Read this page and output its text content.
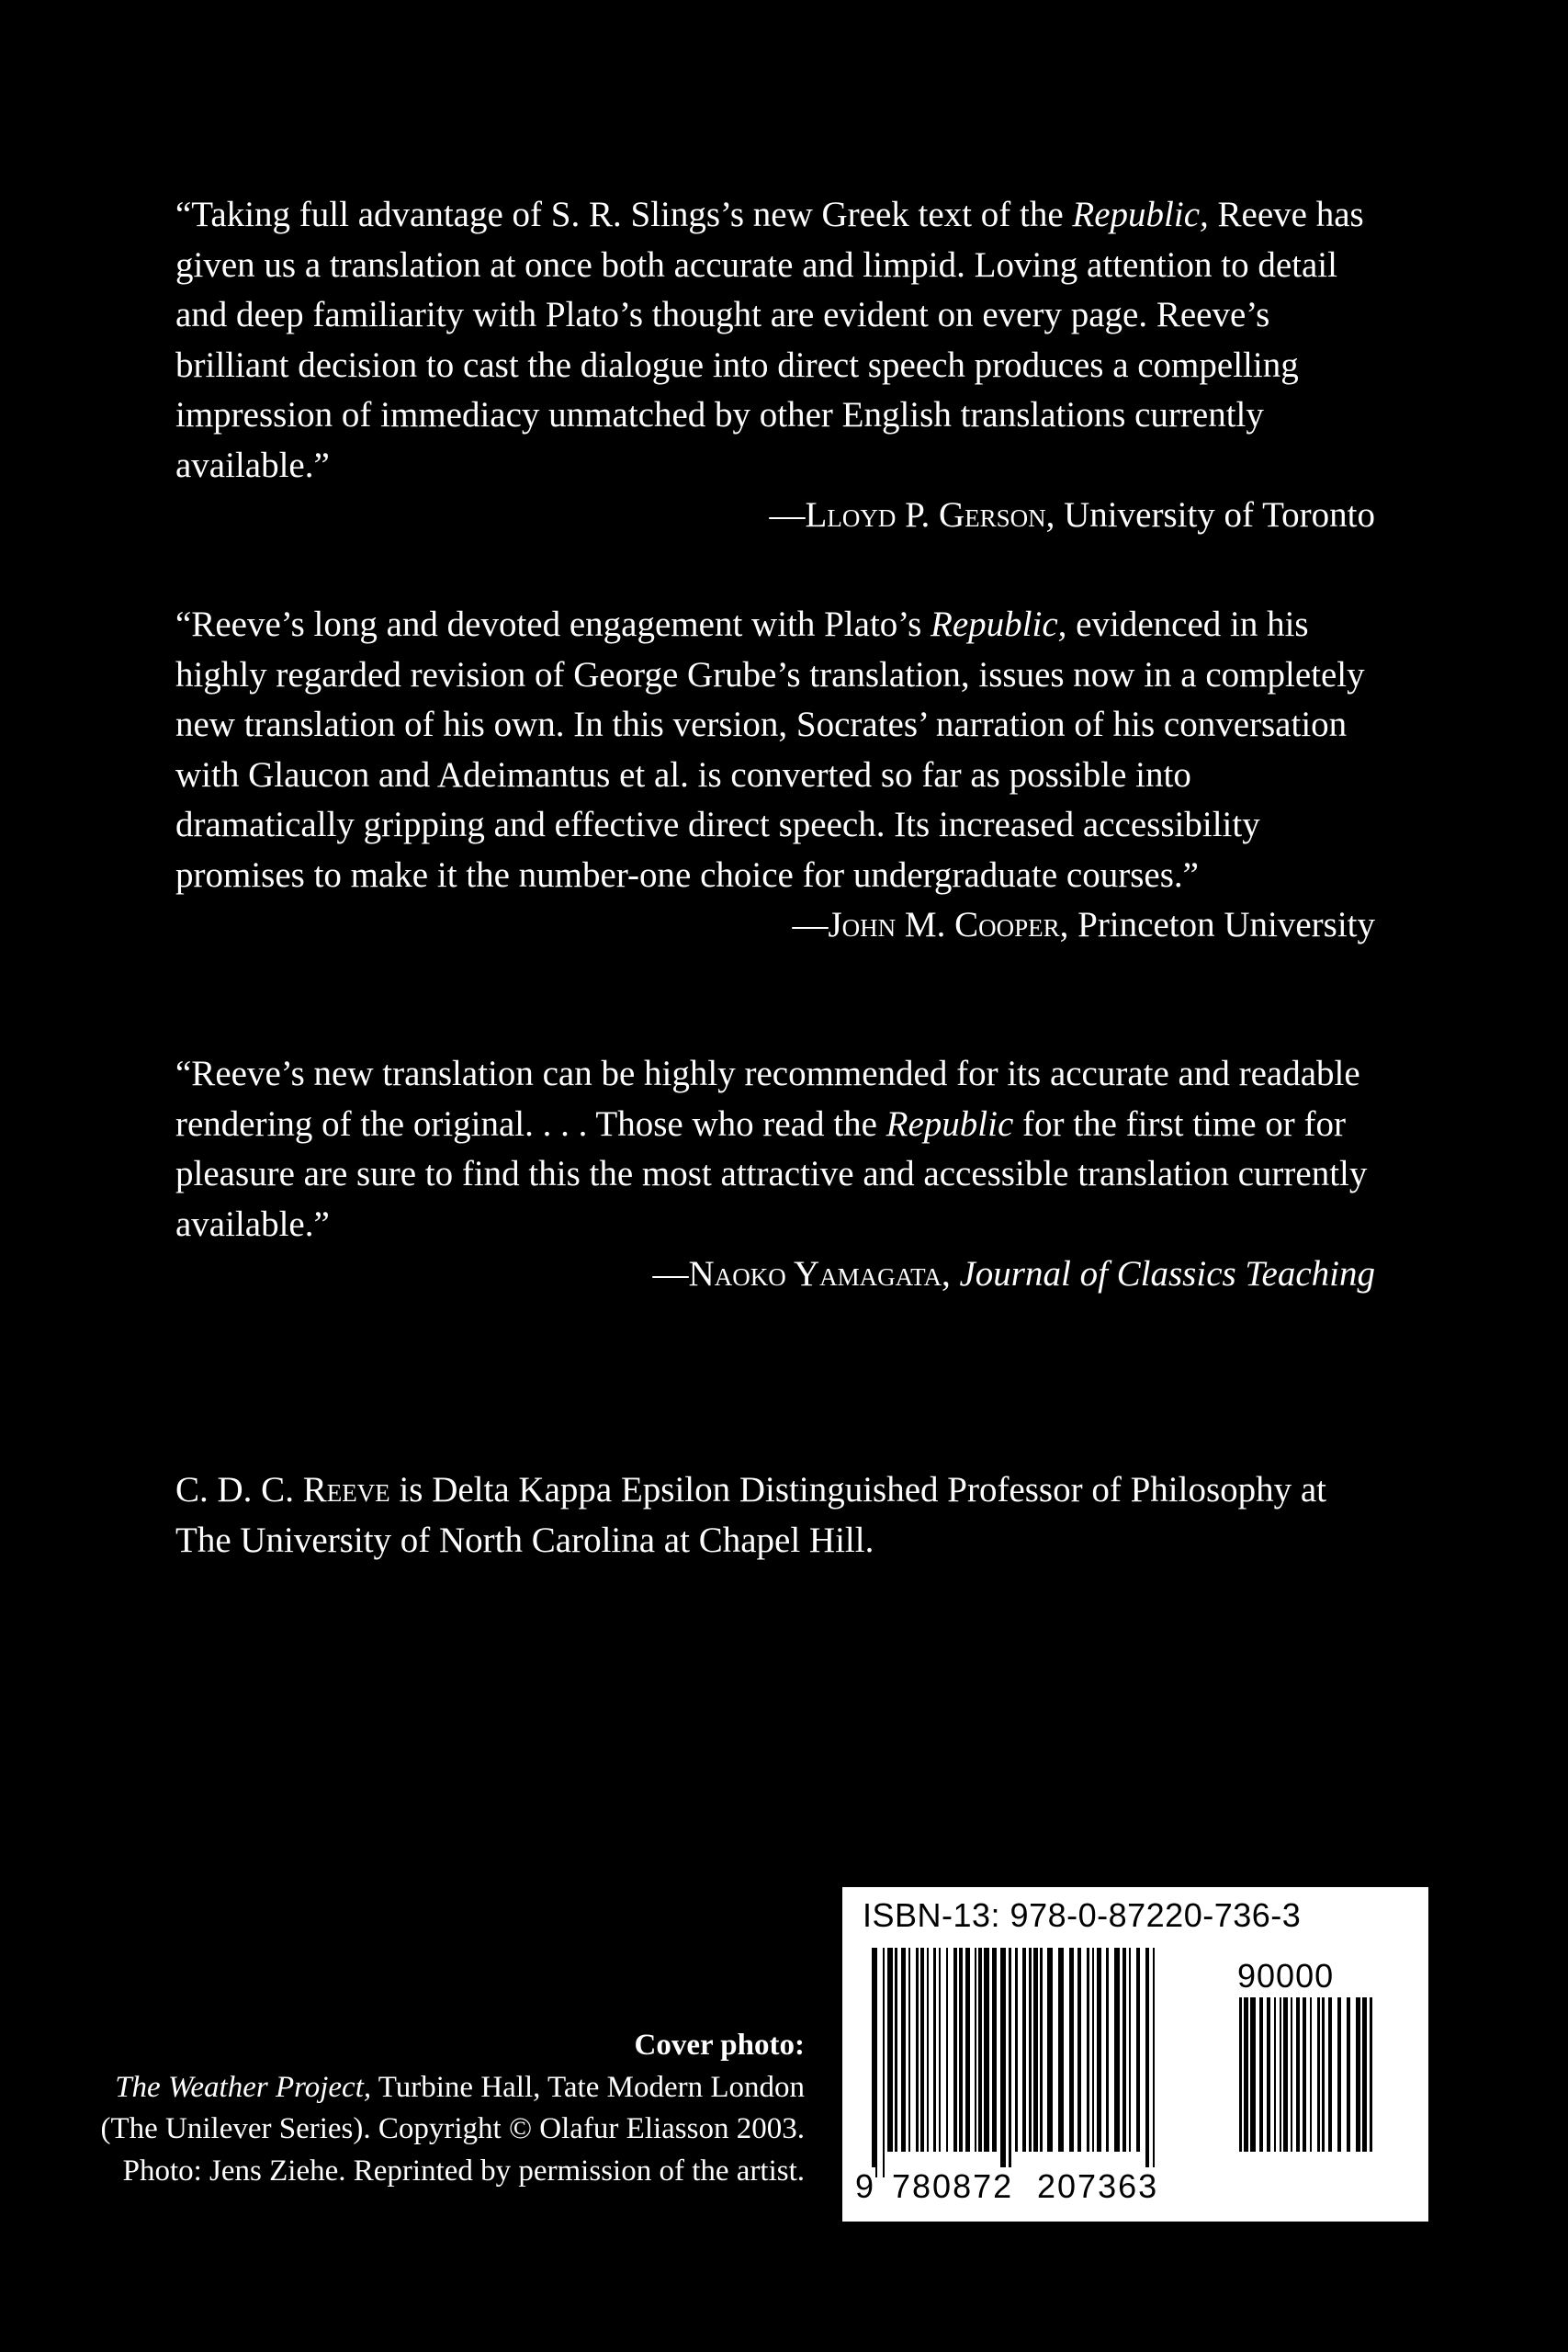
“Taking full advantage of S. R. Slings’s new Greek text of the Republic, Reeve has given us a translation at once both accurate and limpid. Loving attention to detail and deep familiarity with Plato’s thought are evident on every page. Reeve’s brilliant decision to cast the dialogue into direct speech produces a compelling impression of immediacy unmatched by other English translations currently available.”
—Lloyd P. Gerson, University of Toronto
“Reeve’s long and devoted engagement with Plato’s Republic, evidenced in his highly regarded revision of George Grube’s translation, issues now in a completely new translation of his own. In this version, Socrates’ narration of his conversation with Glaucon and Adeimantus et al. is converted so far as possible into dramatically gripping and effective direct speech. Its increased accessibility promises to make it the number-one choice for undergraduate courses.”
—John M. Cooper, Princeton University
“Reeve’s new translation can be highly recommended for its accurate and readable rendering of the original. . . . Those who read the Republic for the first time or for pleasure are sure to find this the most attractive and accessible translation currently available.”
—Naoko Yamagata, Journal of Classics Teaching
C. D. C. Reeve is Delta Kappa Epsilon Distinguished Professor of Philosophy at The University of North Carolina at Chapel Hill.
Cover photo:
The Weather Project, Turbine Hall, Tate Modern London (The Unilever Series). Copyright © Olafur Eliasson 2003. Photo: Jens Ziehe. Reprinted by permission of the artist.
ISBN-13: 978-0-87220-736-3
90000
9 780872 207363
